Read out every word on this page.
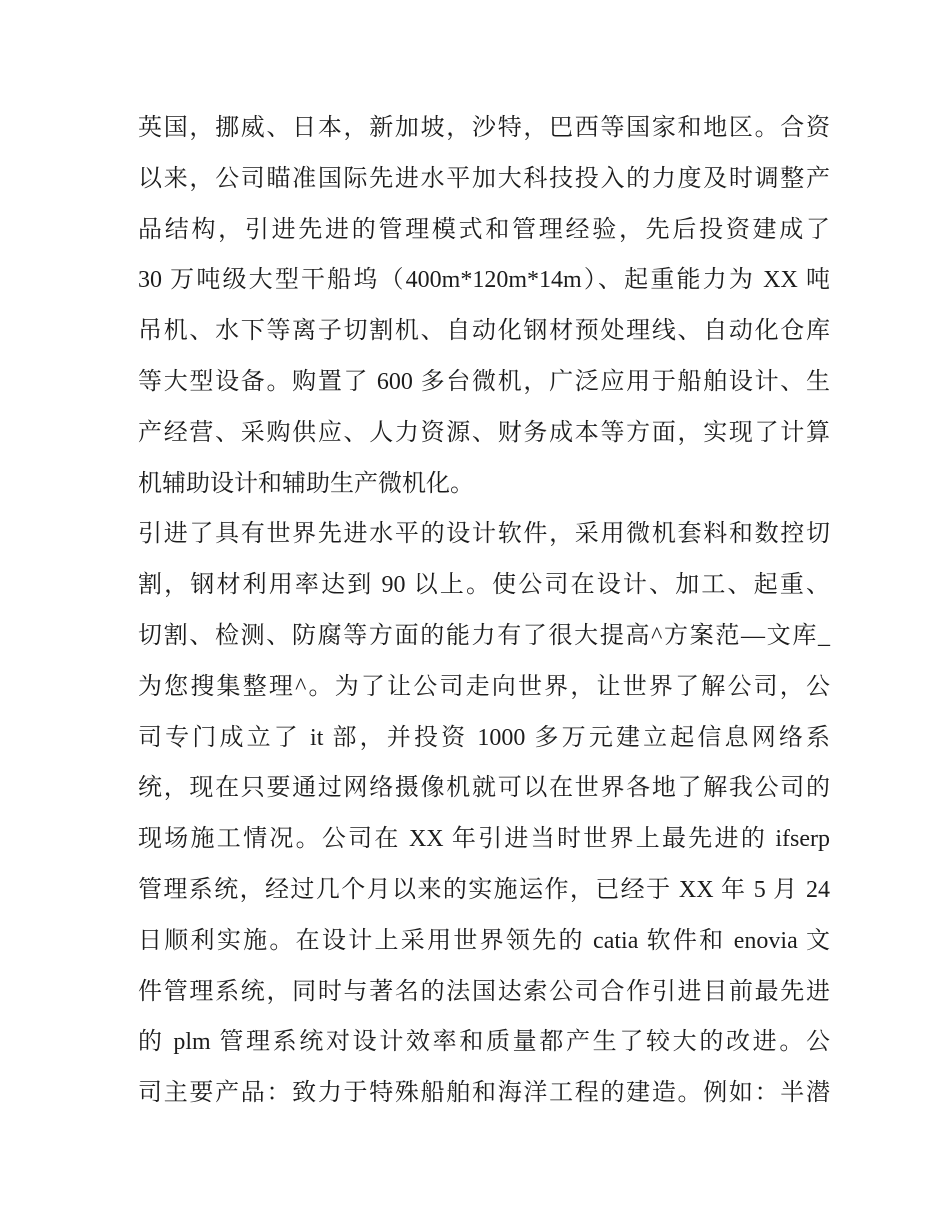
英国，挪威、日本，新加坡，沙特，巴西等国家和地区。合资
以来，公司瞄准国际先进水平加大科技投入的力度及时调整产
品结构，引进先进的管理模式和管理经验，先后投资建成了
30 万吨级大型干船坞（400m*120m*14m）、起重能力为 XX 吨
吊机、水下等离子切割机、自动化钢材预处理线、自动化仓库
等大型设备。购置了 600 多台微机，广泛应用于船舶设计、生
产经营、采购供应、人力资源、财务成本等方面，实现了计算
机辅助设计和辅助生产微机化。
引进了具有世界先进水平的设计软件，采用微机套料和数控切
割，钢材利用率达到 90 以上。使公司在设计、加工、起重、
切割、检测、防腐等方面的能力有了很大提高^方案范—文库_
为您搜集整理^。为了让公司走向世界，让世界了解公司，公
司专门成立了 it 部，并投资 1000 多万元建立起信息网络系
统，现在只要通过网络摄像机就可以在世界各地了解我公司的
现场施工情况。公司在 XX 年引进当时世界上最先进的 ifserp
管理系统，经过几个月以来的实施运作，已经于 XX 年 5 月 24
日顺利实施。在设计上采用世界领先的 catia 软件和 enovia 文
件管理系统，同时与著名的法国达索公司合作引进目前最先进
的 plm 管理系统对设计效率和质量都产生了较大的改进。公
司主要产品：致力于特殊船舶和海洋工程的建造。例如：半潜
